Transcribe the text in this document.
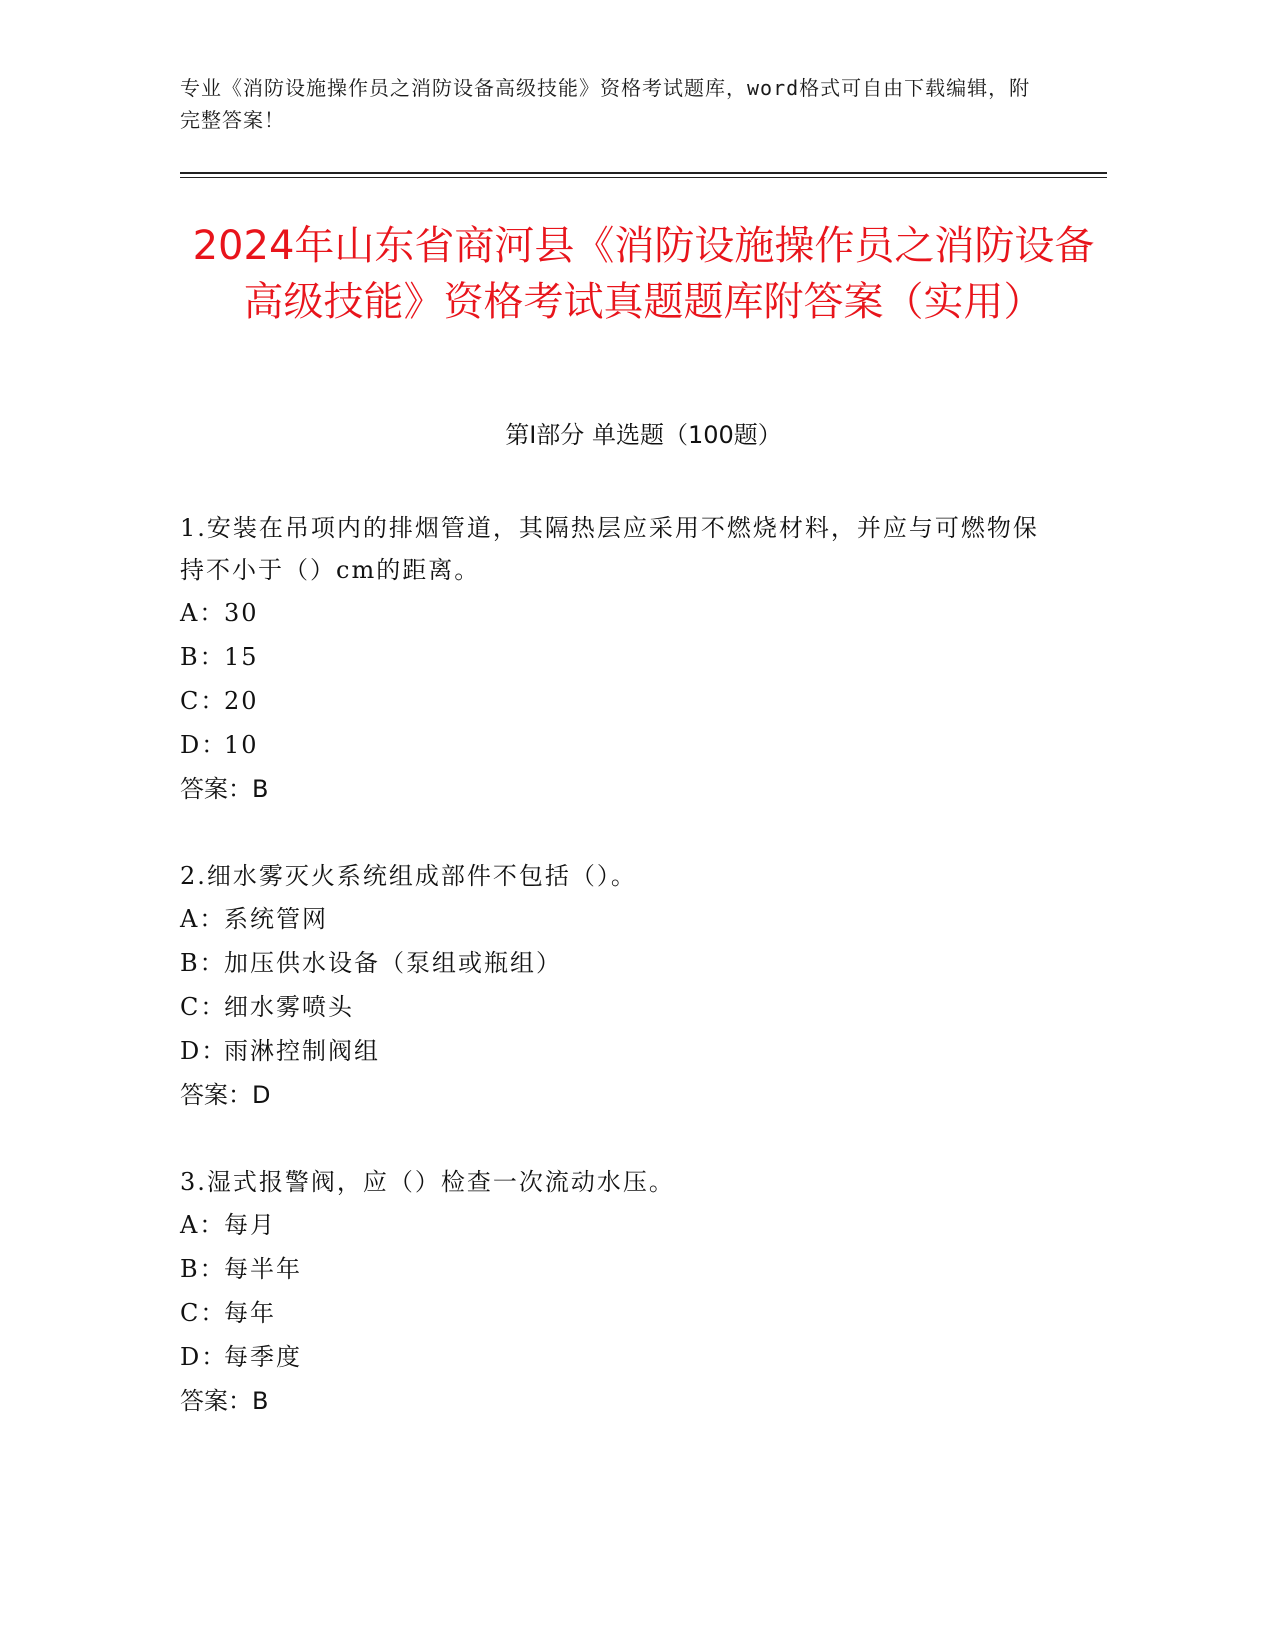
专业《消防设施操作员之消防设备高级技能》资格考试题库，word格式可自由下载编辑，附完整答案！

2024年山东省商河县《消防设施操作员之消防设备高级技能》资格考试真题题库附答案（实用）
第I部分 单选题（100题）

1.安装在吊项内的排烟管道，其隔热层应采用不燃烧材料，并应与可燃物保持不小于（）cm的距离。

A：
30

B：
15

C：
20

D：
10

答案：B

2.细水雾灭火系统组成部件不包括（）。

A：
系统管网

B：
加压供水设备（泵组或瓶组）

C：
细水雾喷头

D：
雨淋控制阀组

答案：D

3.湿式报警阀，应（）检查一次流动水压。

A：
每月

B：
每半年

C：
每年

D：
每季度

答案：B
